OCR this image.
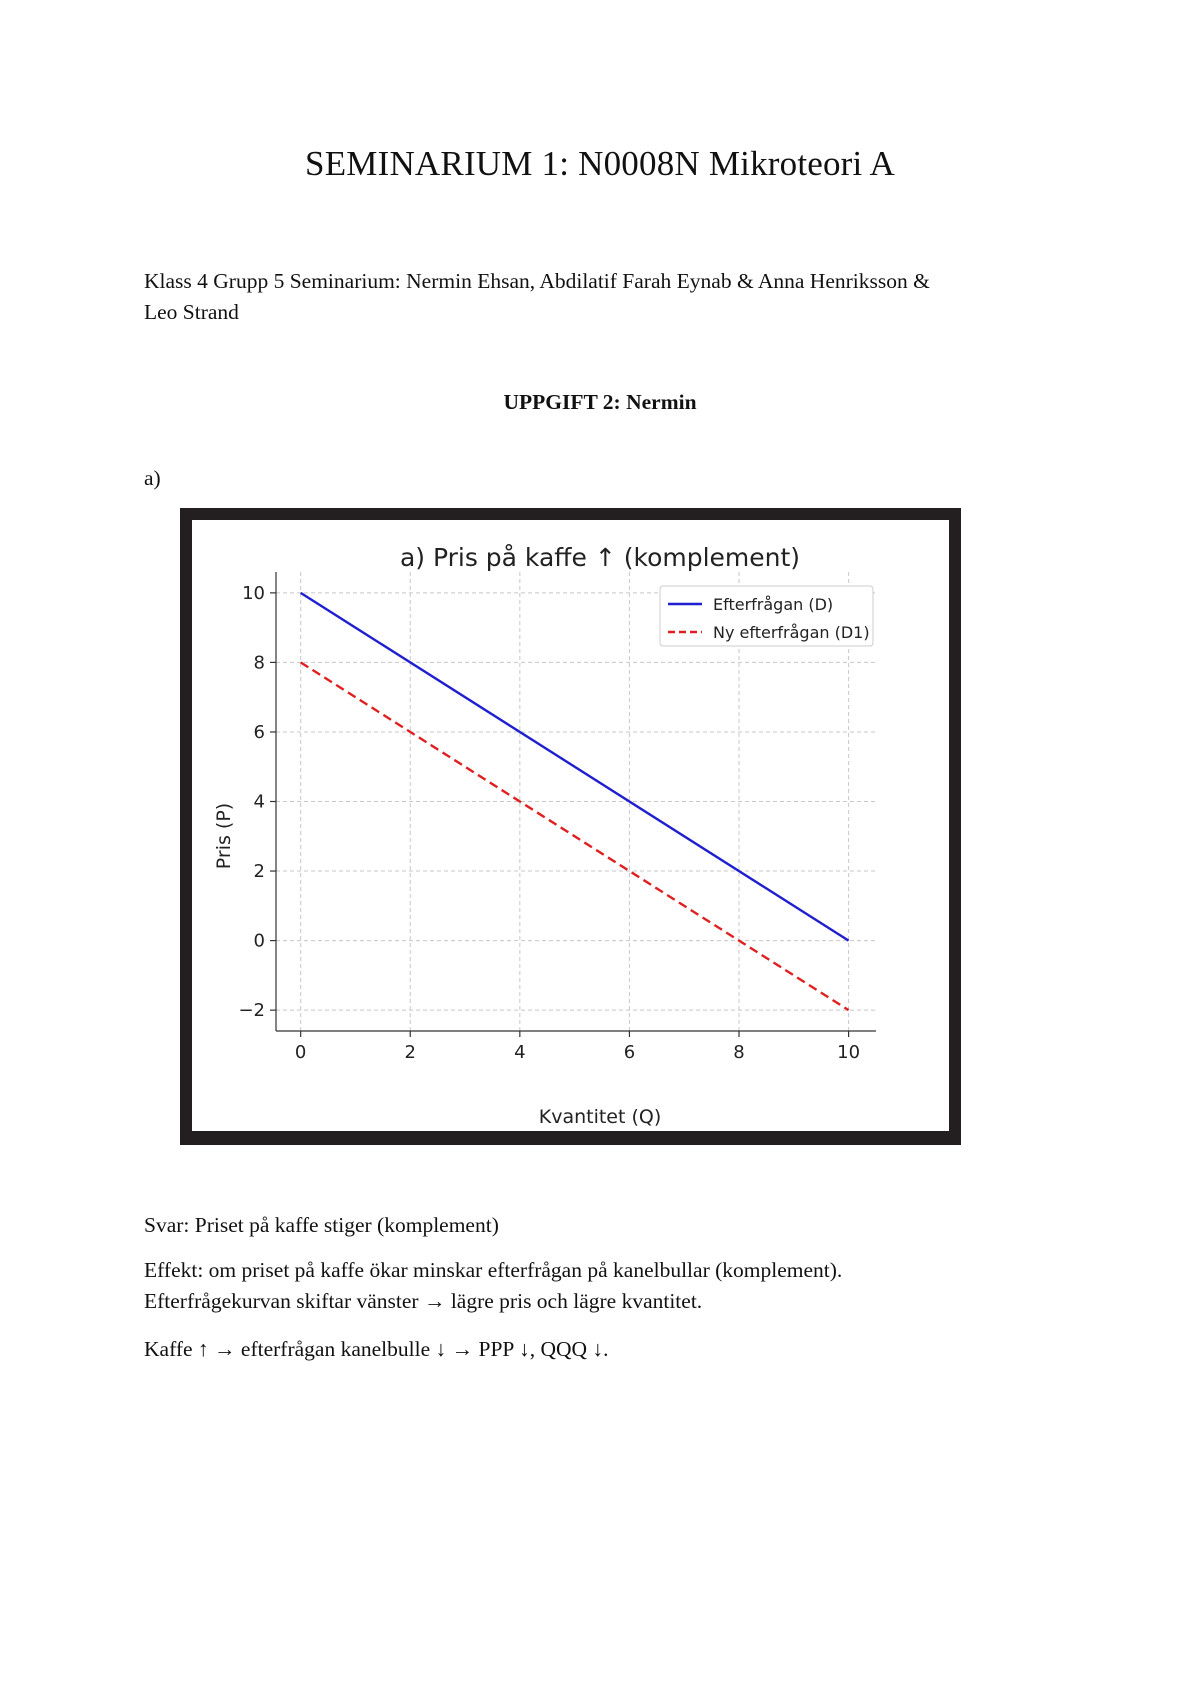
SEMINARIUM 1: N0008N Mikroteori A

Klass 4 Grupp 5 Seminarium: Nermin Ehsan, Abdilatif Farah Eynab & Anna Henriksson &
Leo Strand

UPPGIFT 2: Nermin

a)

a) Pris på kaffe ↑ (komplement)
Kvantitet (Q)
Pris (P)
0	2	4	6	8	10
−2
0
2
4
6
8
10
Efterfrågan (D)
Ny efterfrågan (D1)

Svar: Priset på kaffe stiger (komplement)

Effekt: om priset på kaffe ökar minskar efterfrågan på kanelbullar (komplement).
Efterfrågekurvan skiftar vänster → lägre pris och lägre kvantitet.

Kaffe ↑ → efterfrågan kanelbulle ↓ → PPP ↓, QQQ ↓.
